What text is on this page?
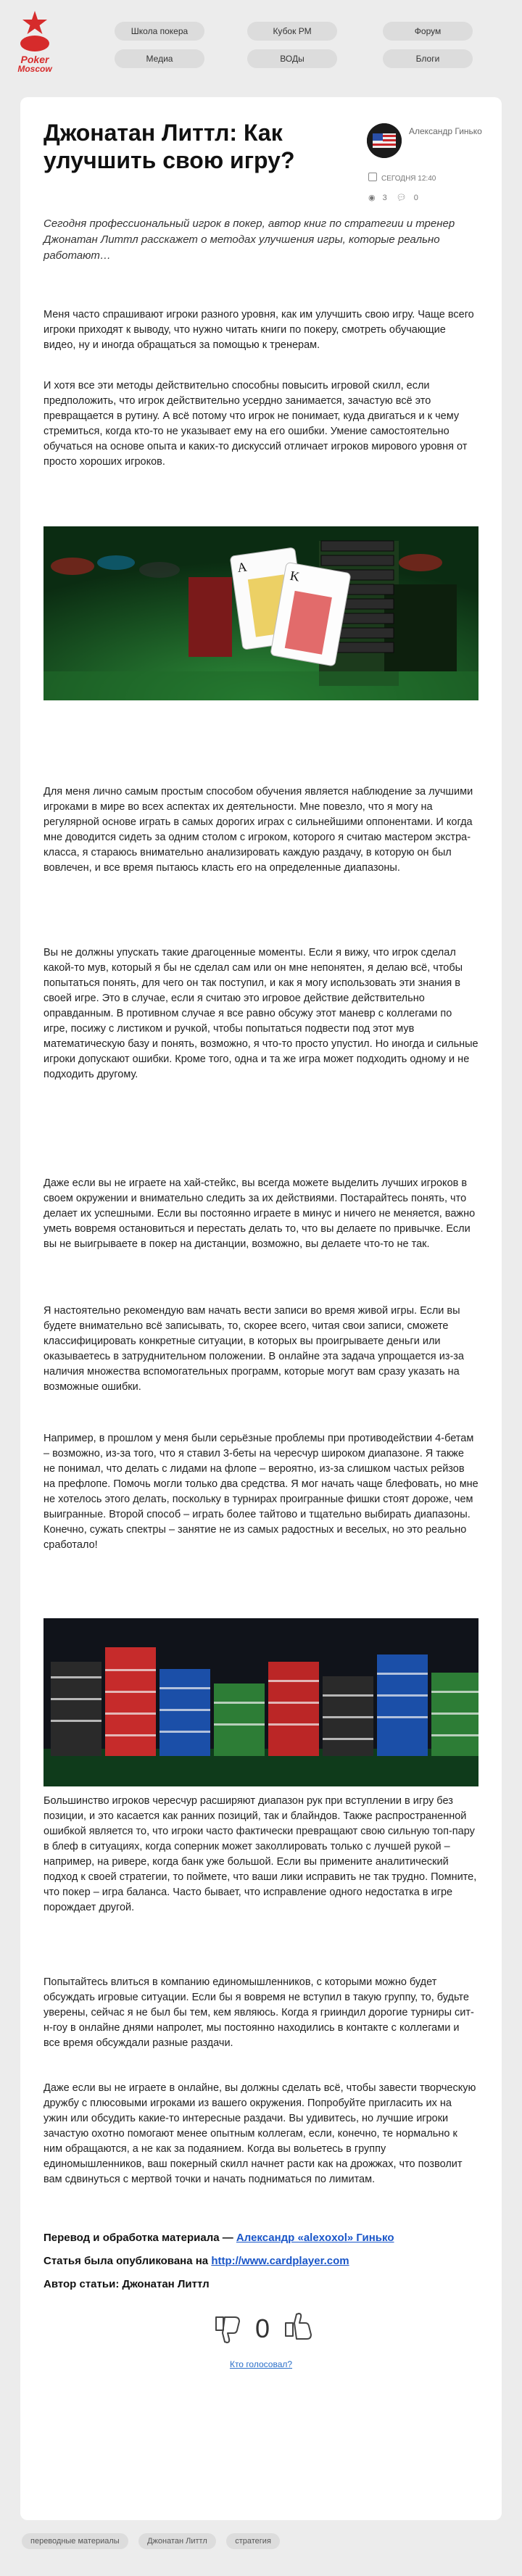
Poker
Moscow
Школа покера	Кубок РМ	Форум
Медиа	ВОДы	Блоги
Джонатан Литтл: Как улучшить свою игру?
Александр Гинько
СЕГОДНЯ 12:40
◉ 3 💬︎ 0
Сегодня профессиональный игрок в покер, автор книг по стратегии и тренер Джонатан Литтл расскажет о методах улучшения игры, которые реально работают…
Меня часто спрашивают игроки разного уровня, как им улучшить свою игру. Чаще всего игроки приходят к выводу, что нужно читать книги по покеру, смотреть обучающие видео, ну и иногда обращаться за помощью к тренерам.
И хотя все эти методы действительно способны повысить игровой скилл, если предположить, что игрок действительно усердно занимается, зачастую всё это превращается в рутину. А всё потому что игрок не понимает, куда двигаться и к чему стремиться, когда кто-то не указывает ему на его ошибки. Умение самостоятельно обучаться на основе опыта и каких-то дискуссий отличает игроков мирового уровня от просто хороших игроков.
A
K
Для меня лично самым простым способом обучения является наблюдение за лучшими игроками в мире во всех аспектах их деятельности. Мне повезло, что я могу на регулярной основе играть в самых дорогих играх с сильнейшими оппонентами. И когда мне доводится сидеть за одним столом с игроком, которого я считаю мастером экстра-класса, я стараюсь внимательно анализировать каждую раздачу, в которую он был вовлечен, и все время пытаюсь класть его на определенные диапазоны.
Вы не должны упускать такие драгоценные моменты. Если я вижу, что игрок сделал какой-то мув, который я бы не сделал сам или он мне непонятен, я делаю всё, чтобы попытаться понять, для чего он так поступил, и как я могу использовать эти знания в своей игре. Это в случае, если я считаю это игровое действие действительно оправданным. В противном случае я все равно обсужу этот маневр с коллегами по игре, посижу с листиком и ручкой, чтобы попытаться подвести под этот мув математическую базу и понять, возможно, я что-то просто упустил. Но иногда и сильные игроки допускают ошибки. Кроме того, одна и та же игра может подходить одному и не подходить другому.
Даже если вы не играете на хай-стейкс, вы всегда можете выделить лучших игроков в своем окружении и внимательно следить за их действиями. Постарайтесь понять, что делает их успешными. Если вы постоянно играете в минус и ничего не меняется, важно уметь вовремя остановиться и перестать делать то, что вы делаете по привычке. Если вы не выигрываете в покер на дистанции, возможно, вы делаете что-то не так.
Я настоятельно рекомендую вам начать вести записи во время живой игры. Если вы будете внимательно всё записывать, то, скорее всего, читая свои записи, сможете классифицировать конкретные ситуации, в которых вы проигрываете деньги или оказываетесь в затруднительном положении. В онлайне эта задача упрощается из-за наличия множества вспомогательных программ, которые могут вам сразу указать на возможные ошибки.
Например, в прошлом у меня были серьёзные проблемы при противодействии 4-бетам – возможно, из-за того, что я ставил 3-беты на чересчур широком диапазоне. Я также не понимал, что делать с лидами на флопе – вероятно, из-за слишком частых рейзов на префлопе. Помочь могли только два средства. Я мог начать чаще блефовать, но мне не хотелось этого делать, поскольку в турнирах проигранные фишки стоят дороже, чем выигранные. Второй способ – играть более тайтово и тщательно выбирать диапазоны. Конечно, сужать спектры – занятие не из самых радостных и веселых, но это реально сработало!
Большинство игроков чересчур расширяют диапазон рук при вступлении в игру без позиции, и это касается как ранних позиций, так и блайндов. Также распространенной ошибкой является то, что игроки часто фактически превращают свою сильную топ-пару в блеф в ситуациях, когда соперник может заколлировать только с лучшей рукой – например, на ривере, когда банк уже большой. Если вы примените аналитический подход к своей стратегии, то поймете, что ваши лики исправить не так трудно. Помните, что покер – игра баланса. Часто бывает, что исправление одного недостатка в игре порождает другой.
Попытайтесь влиться в компанию единомышленников, с которыми можно будет обсуждать игровые ситуации. Если бы я вовремя не вступил в такую группу, то, будьте уверены, сейчас я не был бы тем, кем являюсь. Когда я грииндил дорогие турниры сит-н-гоу в онлайне днями напролет, мы постоянно находились в контакте с коллегами и все время обсуждали разные раздачи.
Даже если вы не играете в онлайне, вы должны сделать всё, чтобы завести творческую дружбу с плюсовыми игроками из вашего окружения. Попробуйте пригласить их на ужин или обсудить какие-то интересные раздачи. Вы удивитесь, но лучшие игроки зачастую охотно помогают менее опытным коллегам, если, конечно, те нормально к ним обращаются, а не как за подаянием. Когда вы вольетесь в группу единомышленников, ваш покерный скилл начнет расти как на дрожжах, что позволит вам сдвинуться с мертвой точки и начать подниматься по лимитам.
Перевод и обработка материала — Александр «alexoxol» Гинько
Статья была опубликована на http://www.cardplayer.com
Автор статьи: Джонатан Литтл
0
Кто голосовал?
переводные материалы	Джонатан Литтл	стратегия
